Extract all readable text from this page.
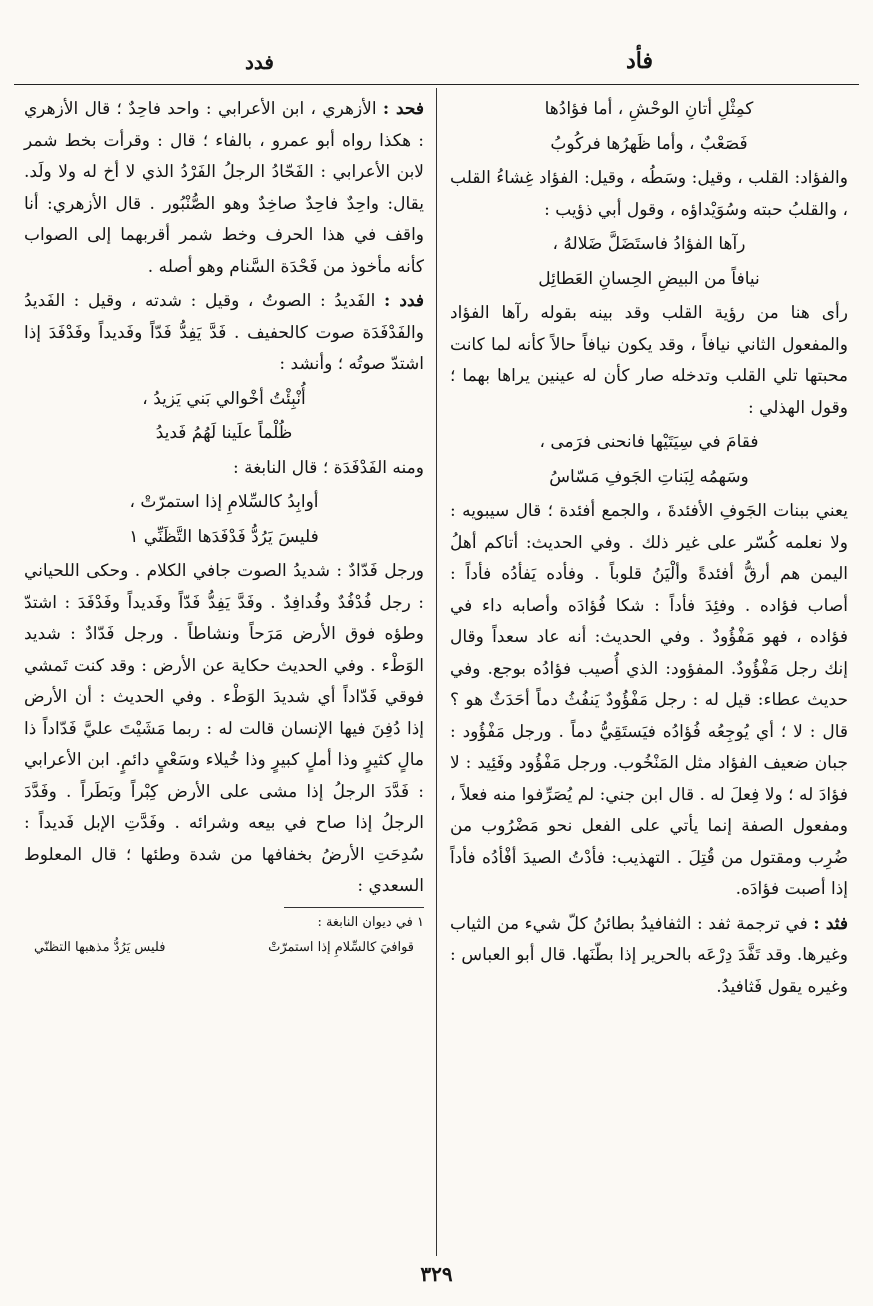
فأد
فدد

كمِثْلِ أتانِ الوحْشِ ، أما فؤادُها

فَصَعْبٌ ، وأما ظَهرُها فركُوبُ

والفؤاد: القلب ، وقيل: وسَطُه ، وقيل: الفؤاد غِشاءُ القلب ، والقلبُ حبته وسُوَيْداؤه ، وقول أبي ذؤيب :

رآها الفؤادُ فاستَضَلَّ ضَلالهُ ،

نيافاً من البيضِ الحِسانِ العَطائِل

رأى هنا من رؤية القلب وقد بينه بقوله رآها الفؤاد والمفعول الثاني نيافاً ، وقد يكون نيافاً حالاً كأنه لما كانت محبتها تلي القلب وتدخله صار كأن له عينين يراها بهما ؛ وقول الهذلي :

فقامَ في سِيَتَيْها فانحنى فرَمى ،

وسَهمُه لِبَناتِ الجَوفِ مَسّاسُ

يعني ببنات الجَوفِ الأفئدةَ ، والجمع أفئدة ؛ قال سيبويه : ولا نعلمه كُسّر على غير ذلك . وفي الحديث: أتاكم أهلُ اليمن هم أرقُّ أفئدةً وألْيَنُ قلوباً . وفأده يَفأدُه فأداً : أصاب فؤاده . وفئِدَ فأداً : شكا فُؤادَه وأصابه داء في فؤاده ، فهو مَفْؤُودٌ . وفي الحديث: أنه عاد سعداً وقال إنك رجل مَفْؤُودٌ. المفؤود: الذي أُصيب فؤادُه بوجع. وفي حديث عطاء: قيل له : رجل مَفْؤُودٌ يَنفُثُ دماً أحَدَثٌ هو ؟ قال : لا ؛ أي يُوجِعُه فُؤادُه فيَستَقِيُّ دماً . ورجل مَفْؤُود : جبان ضعيف الفؤاد مثل المَنْخُوب. ورجل مَفْؤُود وفَئِيد : لا فؤادَ له ؛ ولا فِعلَ له . قال ابن جني: لم يُصَرِّفوا منه فعلاً ، ومفعول الصفة إنما يأتي على الفعل نحو مَضْرُوب من ضُرِب ومقتول من قُتِلَ . التهذيب: فأدْتُ الصيدَ أفْأدُه فأداً إذا أصبت فؤادَه.

فثد : في ترجمة ثفد : الثفافيدُ بطائنُ كلّ شيء من الثياب وغيرها. وقد تَفَّدَ دِرْعَه بالحرير إذا بطّنَها. قال أبو العباس : وغيره يقول فَثافيدُ.

فحد : الأزهري ، ابن الأعرابي : واحد فاحِدٌ ؛ قال الأزهري : هكذا رواه أبو عمرو ، بالفاء ؛ قال : وقرأت بخط شمر لابن الأعرابي : الفَحّادُ الرجلُ الفَرْدُ الذي لا أخ له ولا ولَد. يقال: واحِدٌ فاحِدٌ صاخِدٌ وهو الصُّنْبُور . قال الأزهري: أنا واقف في هذا الحرف وخط شمر أقربهما إلى الصواب كأنه مأخوذ من فَحْدَة السَّنام وهو أصله .

فدد : الفَديدُ : الصوتُ ، وقيل : شدته ، وقيل : الفَديدُ والفَدْفَدَة صوت كالحفيف . فَدَّ يَفِدُّ فَدّاً وفَديداً وفَدْفَدَ إذا اشتدّ صوتُه ؛ وأنشد :

أُنْبِئْتُ أخْوالي بَني يَزيدُ ،

ظُلْماً علَينا لَهُمُ فَديدُ

ومنه الفَدْفَدَة ؛ قال النابغة :

أوابِدُ كالسِّلامِ إذا استمرّتْ ،

فليسَ يَرُدُّ فَدْفَدَها التَّظَنِّي ١

ورجل فَدّادٌ : شديدُ الصوت جافي الكلام . وحكى اللحياني : رجل فُدْفُدٌ وفُدافِدٌ . وفَدَّ يَفِدُّ فَدّاً وفَديداً وفَدْفَدَ : اشتدّ وطؤه فوق الأرض مَرَحاً ونشاطاً . ورجل فَدّادٌ : شديد الوَطْء . وفي الحديث حكاية عن الأرض : وقد كنت تَمشي فوقي فَدّاداً أي شديدَ الوَطْء . وفي الحديث : أن الأرض إذا دُفِنَ فيها الإنسان قالت له : ربما مَشَيْتَ عليَّ فَدّاداً ذا مالٍ كثيرٍ وذا أملٍ كبيرٍ وذا خُيلاء وسَعْيٍ دائمٍ. ابن الأعرابي : فَدَّدَ الرجلُ إذا مشى على الأرض كِبْراً وبَطَراً . وفَدَّدَ الرجلُ إذا صاح في بيعه وشرائه . وفَدَّتِ الإبل فَديداً : سُدِحَتِ الأرضُ بخفافها من شدة وطئها ؛ قال المعلوط السعدي :

١ في ديوان النابغة :

قوافيَ كالسِّلامِ إذا استمرّتْ
فليس يَرُدُّ مذهبها التظنّي
٣٢٩
